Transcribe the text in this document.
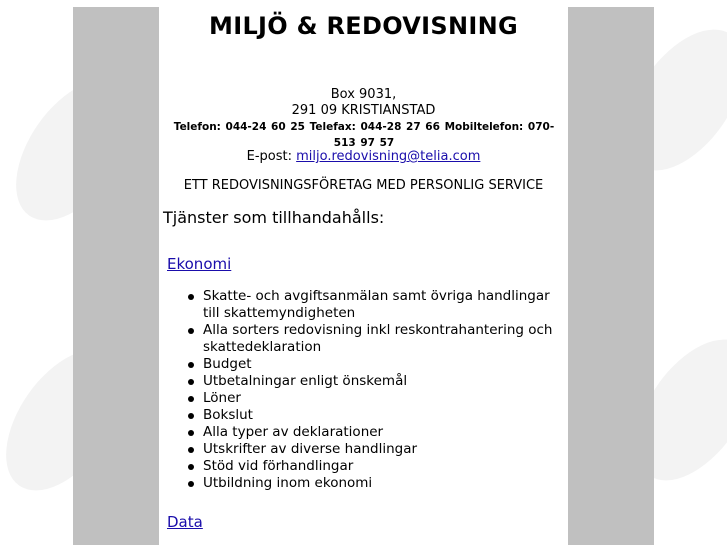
MILJÖ & REDOVISNING
Box 9031,
291 09 KRISTIANSTAD
Telefon: 044-24 60 25 Telefax: 044-28 27 66 Mobiltelefon: 070-513 97 57
E-post: miljo.redovisning@telia.com
ETT REDOVISNINGSFÖRETAG MED PERSONLIG SERVICE
Tjänster som tillhandahålls:
Ekonomi
Skatte- och avgiftsanmälan samt övriga handlingar till skattemyndigheten
Alla sorters redovisning inkl reskontrahantering och skattedeklaration
Budget
Utbetalningar enligt önskemål
Löner
Bokslut
Alla typer av deklarationer
Utskrifter av diverse handlingar
Stöd vid förhandlingar
Utbildning inom ekonomi
Data
